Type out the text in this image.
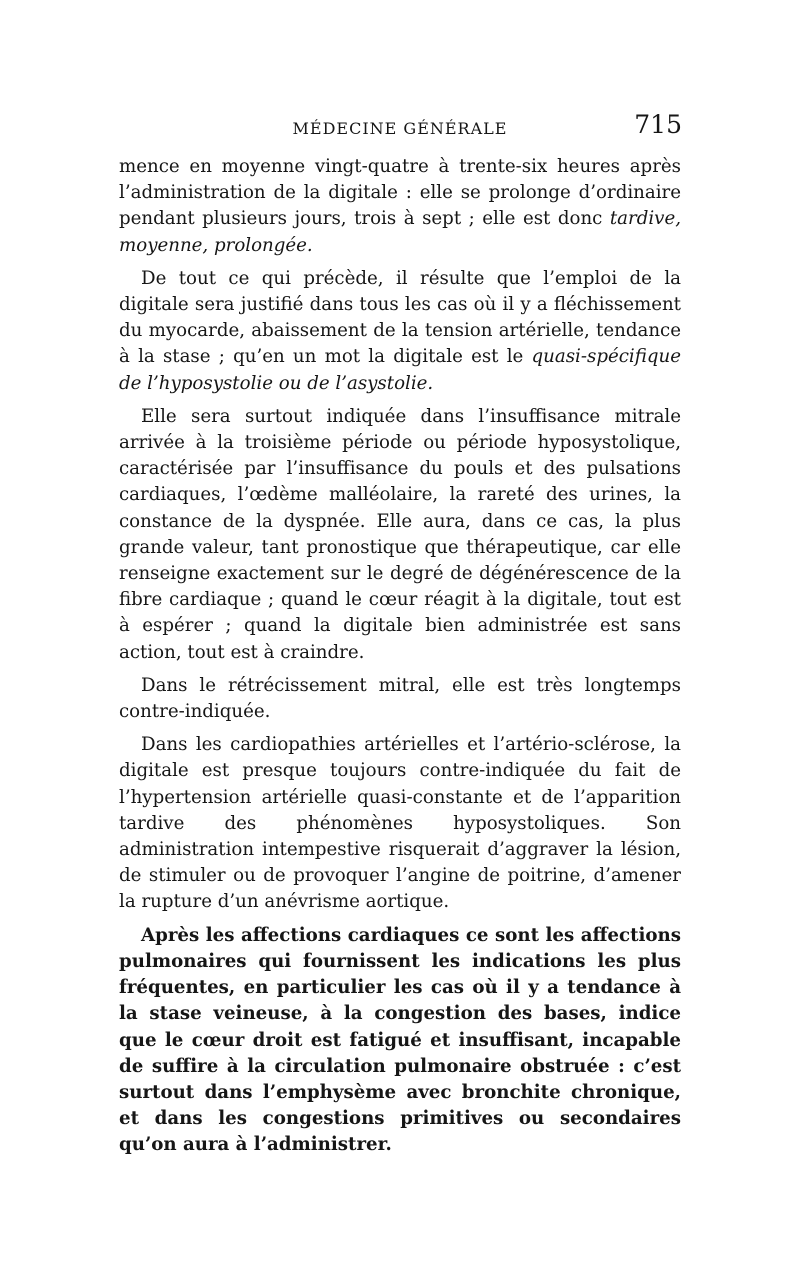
MÉDECINE GÉNÉRALE	715

mence en moyenne vingt-quatre à trente-six heures après l’administration de la digitale : elle se prolonge d’ordinaire pendant plusieurs jours, trois à sept ; elle est donc tardive, moyenne, prolongée.

De tout ce qui précède, il résulte que l’emploi de la digitale sera justifié dans tous les cas où il y a fléchissement du myocarde, abaissement de la tension artérielle, tendance à la stase ; qu’en un mot la digitale est le quasi-spécifique de l’hyposystolie ou de l’asystolie.

Elle sera surtout indiquée dans l’insuffisance mitrale arrivée à la troisième période ou période hyposystolique, caractérisée par l’insuffisance du pouls et des pulsations cardiaques, l’œdème malléolaire, la rareté des urines, la constance de la dyspnée. Elle aura, dans ce cas, la plus grande valeur, tant pronostique que thérapeutique, car elle renseigne exactement sur le degré de dégénérescence de la fibre cardiaque ; quand le cœur réagit à la digitale, tout est à espérer ; quand la digitale bien administrée est sans action, tout est à craindre.

Dans le rétrécissement mitral, elle est très longtemps contre-indiquée.

Dans les cardiopathies artérielles et l’artério-sclérose, la digitale est presque toujours contre-indiquée du fait de l’hypertension artérielle quasi-constante et de l’apparition tardive des phénomènes hyposystoliques. Son administration intempestive risquerait d’aggraver la lésion, de stimuler ou de provoquer l’angine de poitrine, d’amener la rupture d’un anévrisme aortique.

Après les affections cardiaques ce sont les affections pulmonaires qui fournissent les indications les plus fréquentes, en particulier les cas où il y a tendance à la stase veineuse, à la congestion des bases, indice que le cœur droit est fatigué et insuffisant, incapable de suffire à la circulation pulmonaire obstruée : c’est surtout dans l’emphysème avec bronchite chronique, et dans les congestions primitives ou secondaires qu’on aura à l’administrer.
